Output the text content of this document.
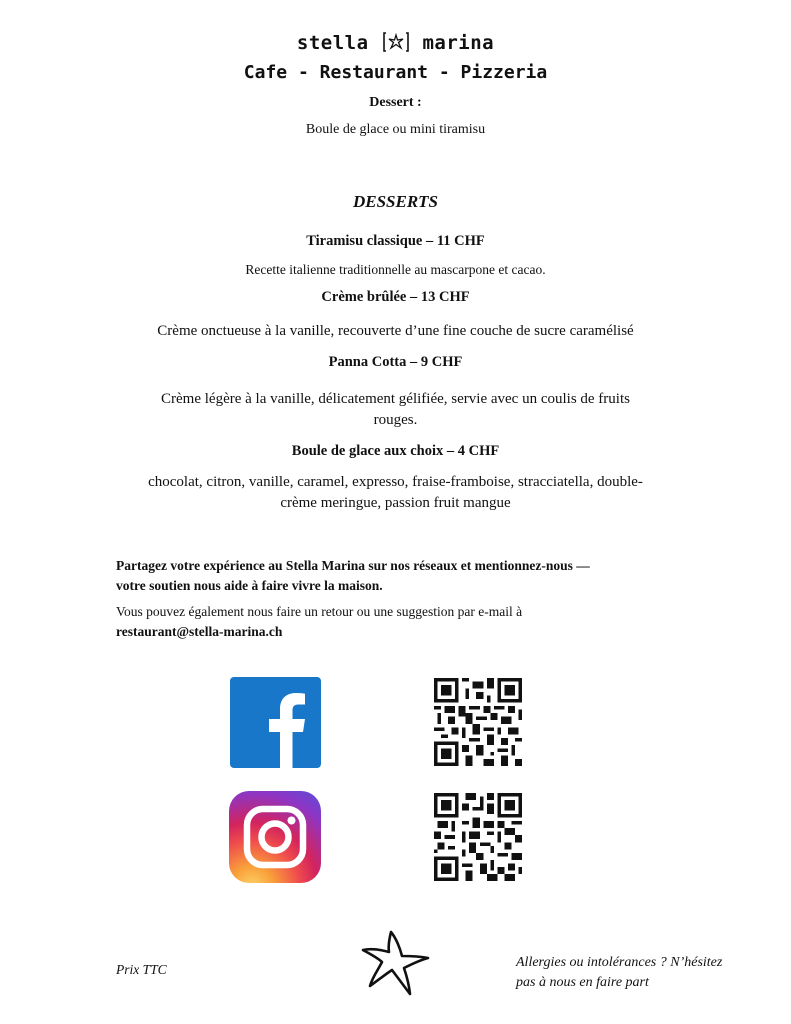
stella	marina
Cafe - Restaurant - Pizzeria
Dessert :
Boule de glace ou mini tiramisu
DESSERTS
Tiramisu classique – 11 CHF
Recette italienne traditionnelle au mascarpone et cacao.
Crème brûlée – 13 CHF
Crème onctueuse à la vanille, recouverte d’une fine couche de sucre caramélisé
Panna Cotta – 9 CHF
Crème légère à la vanille, délicatement gélifiée, servie avec un coulis de fruits
rouges.
Boule de glace aux choix – 4 CHF
chocolat, citron, vanille, caramel, expresso, fraise-framboise, stracciatella, double-
crème meringue, passion fruit mangue
Partagez votre expérience au Stella Marina sur nos réseaux et mentionnez-nous —
votre soutien nous aide à faire vivre la maison.
Vous pouvez également nous faire un retour ou une suggestion par e-mail à
restaurant@stella-marina.ch
Prix TTC	Allergies ou intolérances ? N’hésitez
pas à nous en faire part
